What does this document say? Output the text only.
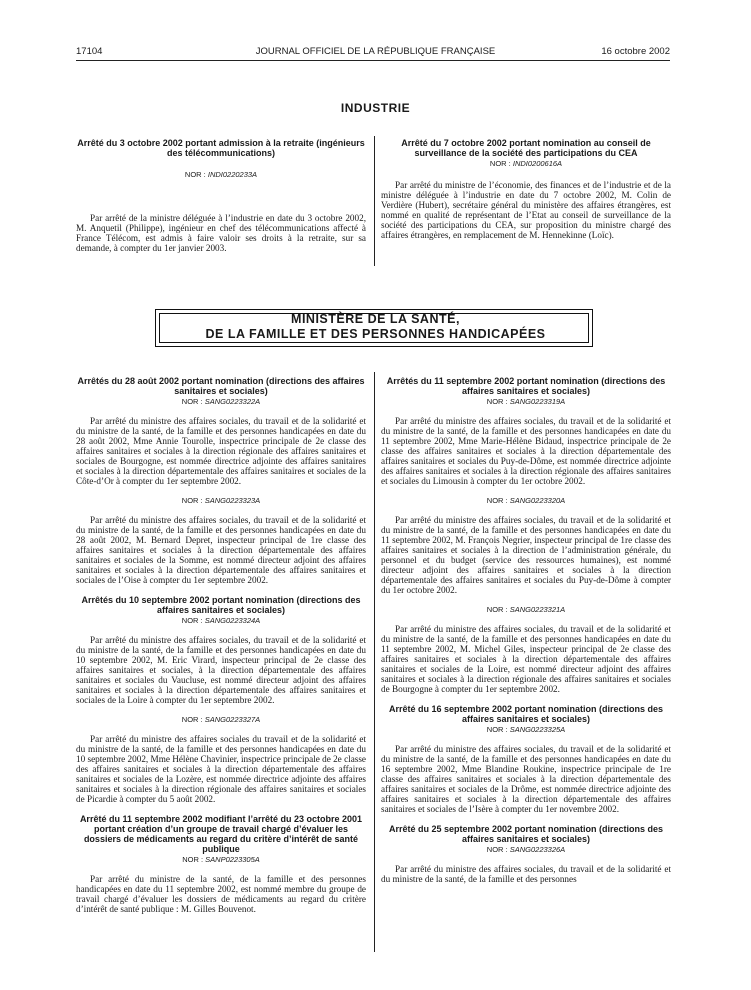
17104	JOURNAL OFFICIEL DE LA RÉPUBLIQUE FRANÇAISE	16 octobre 2002
INDUSTRIE

Arrêté du 3 octobre 2002 portant admission à la retraite (ingénieurs des télécommunications)

NOR : INDI0220233A

Par arrêté de la ministre déléguée à l’industrie en date du 3 octobre 2002, M. Anquetil (Philippe), ingénieur en chef des télécommunications affecté à France Télécom, est admis à faire valoir ses droits à la retraite, sur sa demande, à compter du 1er janvier 2003.

Arrêté du 7 octobre 2002 portant nomination au conseil de surveillance de la société des participations du CEA

NOR : INDI0200616A

Par arrêté du ministre de l’économie, des finances et de l’industrie et de la ministre déléguée à l’industrie en date du 7 octobre 2002, M. Colin de Verdière (Hubert), secrétaire général du ministère des affaires étrangères, est nommé en qualité de représentant de l’Etat au conseil de surveillance de la société des participations du CEA, sur proposition du ministre chargé des affaires étrangères, en remplacement de M. Hennekinne (Loïc).

MINISTÈRE DE LA SANTÉ,
DE LA FAMILLE ET DES PERSONNES HANDICAPÉES

Arrêtés du 28 août 2002 portant nomination (directions des affaires sanitaires et sociales)

NOR : SANG0223322A

Par arrêté du ministre des affaires sociales, du travail et de la solidarité et du ministre de la santé, de la famille et des personnes handicapées en date du 28 août 2002, Mme Annie Tourolle, inspectrice principale de 2e classe des affaires sanitaires et sociales à la direction régionale des affaires sanitaires et sociales de Bourgogne, est nommée directrice adjointe des affaires sanitaires et sociales à la direction départementale des affaires sanitaires et sociales de la Côte-d’Or à compter du 1er septembre 2002.

NOR : SANG0223323A

Par arrêté du ministre des affaires sociales, du travail et de la solidarité et du ministre de la santé, de la famille et des personnes handicapées en date du 28 août 2002, M. Bernard Depret, inspecteur principal de 1re classe des affaires sanitaires et sociales à la direction départementale des affaires sanitaires et sociales de la Somme, est nommé directeur adjoint des affaires sanitaires et sociales à la direction départementale des affaires sanitaires et sociales de l’Oise à compter du 1er septembre 2002.

Arrêtés du 10 septembre 2002 portant nomination (directions des affaires sanitaires et sociales)

NOR : SANG0223324A

Par arrêté du ministre des affaires sociales, du travail et de la solidarité et du ministre de la santé, de la famille et des personnes handicapées en date du 10 septembre 2002, M. Eric Virard, inspecteur principal de 2e classe des affaires sanitaires et sociales, à la direction départementale des affaires sanitaires et sociales du Vaucluse, est nommé directeur adjoint des affaires sanitaires et sociales à la direction départementale des affaires sanitaires et sociales de la Loire à compter du 1er septembre 2002.

NOR : SANG0223327A

Par arrêté du ministre des affaires sociales du travail et de la solidarité et du ministre de la santé, de la famille et des personnes handicapées en date du 10 septembre 2002, Mme Hélène Chavinier, inspectrice principale de 2e classe des affaires sanitaires et sociales à la direction départementale des affaires sanitaires et sociales de la Lozère, est nommée directrice adjointe des affaires sanitaires et sociales à la direction régionale des affaires sanitaires et sociales de Picardie à compter du 5 août 2002.

Arrêté du 11 septembre 2002 modifiant l’arrêté du 23 octobre 2001 portant création d’un groupe de travail chargé d’évaluer les dossiers de médicaments au regard du critère d’intérêt de santé publique

NOR : SANP0223305A

Par arrêté du ministre de la santé, de la famille et des personnes handicapées en date du 11 septembre 2002, est nommé membre du groupe de travail chargé d’évaluer les dossiers de médicaments au regard du critère d’intérêt de santé publique : M. Gilles Bouvenot.

Arrêtés du 11 septembre 2002 portant nomination (directions des affaires sanitaires et sociales)

NOR : SANG0223319A

Par arrêté du ministre des affaires sociales, du travail et de la solidarité et du ministre de la santé, de la famille et des personnes handicapées en date du 11 septembre 2002, Mme Marie-Hélène Bidaud, inspectrice principale de 2e classe des affaires sanitaires et sociales à la direction départementale des affaires sanitaires et sociales du Puy-de-Dôme, est nommée directrice adjointe des affaires sanitaires et sociales à la direction régionale des affaires sanitaires et sociales du Limousin à compter du 1er octobre 2002.

NOR : SANG0223320A

Par arrêté du ministre des affaires sociales, du travail et de la solidarité et du ministre de la santé, de la famille et des personnes handicapées en date du 11 septembre 2002, M. François Negrier, inspecteur principal de 1re classe des affaires sanitaires et sociales à la direction de l’administration générale, du personnel et du budget (service des ressources humaines), est nommé directeur adjoint des affaires sanitaires et sociales à la direction départementale des affaires sanitaires et sociales du Puy-de-Dôme à compter du 1er octobre 2002.

NOR : SANG0223321A

Par arrêté du ministre des affaires sociales, du travail et de la solidarité et du ministre de la santé, de la famille et des personnes handicapées en date du 11 septembre 2002, M. Michel Giles, inspecteur principal de 2e classe des affaires sanitaires et sociales à la direction départementale des affaires sanitaires et sociales de la Loire, est nommé directeur adjoint des affaires sanitaires et sociales à la direction régionale des affaires sanitaires et sociales de Bourgogne à compter du 1er septembre 2002.

Arrêté du 16 septembre 2002 portant nomination (directions des affaires sanitaires et sociales)

NOR : SANG0223325A

Par arrêté du ministre des affaires sociales, du travail et de la solidarité et du ministre de la santé, de la famille et des personnes handicapées en date du 16 septembre 2002, Mme Blandine Roukine, inspectrice principale de 1re classe des affaires sanitaires et sociales à la direction départementale des affaires sanitaires et sociales de la Drôme, est nommée directrice adjointe des affaires sanitaires et sociales à la direction départementale des affaires sanitaires et sociales de l’Isère à compter du 1er novembre 2002.

Arrêté du 25 septembre 2002 portant nomination (directions des affaires sanitaires et sociales)

NOR : SANG0223326A

Par arrêté du ministre des affaires sociales, du travail et de la solidarité et du ministre de la santé, de la famille et des personnes
